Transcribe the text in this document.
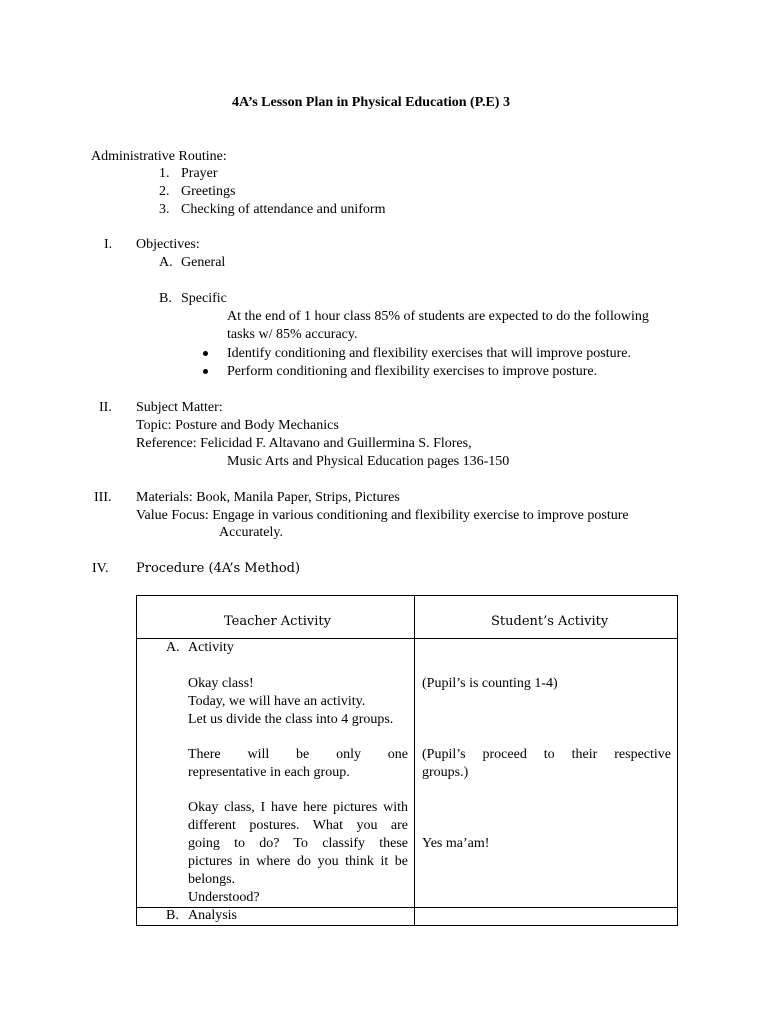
4A’s Lesson Plan in Physical Education (P.E) 3
Administrative Routine:
1. Prayer
2. Greetings
3. Checking of attendance and uniform
I. Objectives:
A. General
B. Specific
At the end of 1 hour class 85% of students are expected to do the following
tasks w/ 85% accuracy.
Identify conditioning and flexibility exercises that will improve posture.
Perform conditioning and flexibility exercises to improve posture.
II. Subject Matter:
Topic: Posture and Body Mechanics
Reference: Felicidad F. Altavano and Guillermina S. Flores,
Music Arts and Physical Education pages 136-150
III. Materials: Book, Manila Paper, Strips, Pictures
Value Focus: Engage in various conditioning and flexibility exercise to improve posture
Accurately.
IV. Procedure (4A’s Method)
Teacher Activity	Student’s Activity
A. Activity
Okay class!
Today, we will have an activity.
Let us divide the class into 4 groups.
There will be only one
representative in each group.
Okay class, I have here pictures with
different postures. What you are
going to do? To classify these
pictures in where do you think it be
belongs.
Understood?
(Pupil’s is counting 1-4)
(Pupil’s proceed to their respective
groups.)
Yes ma’am!
B. Analysis
